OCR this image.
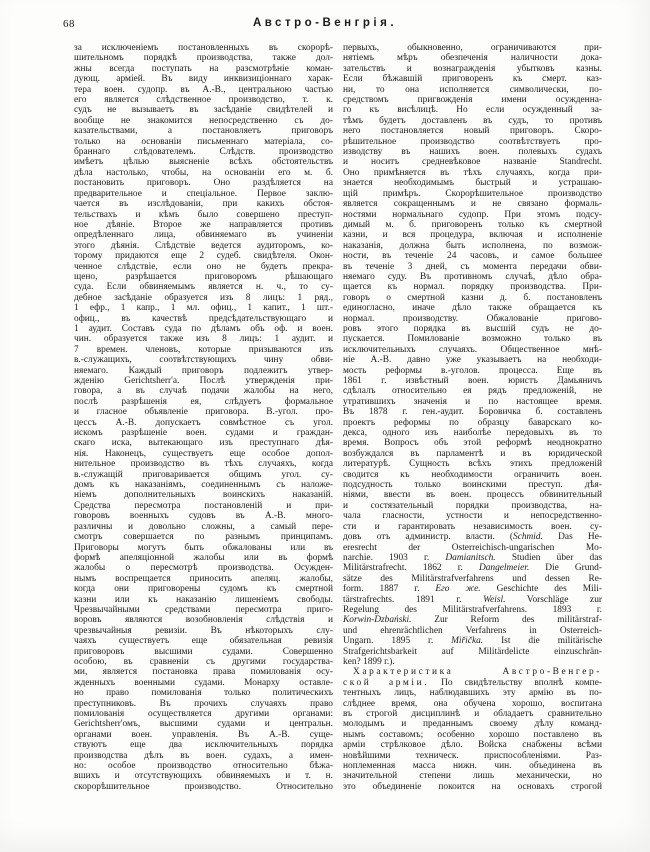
68	Австро-Венгрія.
за исключеніемъ постановленныхъ въ скорорѣ-
шительномъ порядкѣ производства, также дол-
жны всегда поступать на разсмотрѣніе коман-
дующ. арміей. Въ виду инквизиціоннаго харак-
тера воен. судопр. въ А.-В., центральною частью
его является слѣдственное производство, т. к.
судъ не вызываетъ въ засѣданіе свидѣтелей и
вообще не знакомится непосредственно съ до-
казательствами, а постановляетъ приговоръ
только на основаніи письменнаго матеріала, со-
браннаго слѣдователемъ. Слѣдств. производство
имѣетъ цѣлью выясненіе всѣхъ обстоятельствъ
дѣла настолько, чтобы, на основаніи его м. б.
постановить приговоръ. Оно раздѣляется на
предварительное и спеціальное. Первое заклю-
чается въ изслѣдованіи, при какихъ обстоя-
тельствахъ и кѣмъ было совершено преступ-
ное дѣяніе. Второе же направляется противъ
опредѣленнаго лица, обвиняемаго въ учиненіи
этого дѣянія. Слѣдствіе ведется аудиторомъ, ко-
торому придаются еще 2 судеб. свидѣтеля. Окон-
ченное слѣдствіе, если оно не будетъ прекра-
щено, разрѣшается приговоромъ рѣшающаго
суда. Если обвиняемымъ является н. ч., то су-
дебное засѣданіе образуется изъ 8 лицъ: 1 ряд.,
1 ефр., 1 капр., 1 мл. офиц., 1 капит., 1 шт.-
офиц., въ качествѣ предсѣдательствующаго и
1 аудит. Составъ суда по дѣламъ объ оф. и воен.
чин. образуется также изъ 8 лицъ: 1 аудит. и
7 времен. членовъ, которые призываются изъ
в.-служащихъ, соотвѣтствующихъ чину обви-
няемаго. Каждый приговоръ подлежитъ утвер-
жденію Gerichtsherr'а. Послѣ утвержденія при-
говора, а въ случаѣ подачи жалобы на него,
послѣ разрѣшенія ея, слѣдуетъ формальное
и гласное объявленіе приговора. В.-угол. про-
цессъ А.-В. допускаетъ совмѣстное съ угол.
искомъ разрѣшеніе воен. судами и граждан-
скаго иска, вытекающаго изъ преступнаго дѣя-
нія. Наконецъ, существуетъ еще особое допол-
нительное производство въ тѣхъ случаяхъ, когда
в.-служащій приговаривается общимъ угол. су-
домъ къ наказаніямъ, соединеннымъ съ наложе-
ніемъ дополнительныхъ воинскихъ наказаній.
Средства пересмотра постановленій и при-
говоровъ военныхъ судовъ въ А.-В. много-
различны и довольно сложны, а самый пере-
смотръ совершается по разнымъ принципамъ.
Приговоры могутъ быть обжалованы или въ
формѣ апеляціонной жалобы или въ формѣ
жалобы о пересмотрѣ производства. Осужден-
нымъ воспрещается приносить апеляц. жалобы,
когда они приговорены судомъ къ смертной
казни или къ наказанію лишеніемъ свободы.
Чрезвычайными средствами пересмотра приго-
воровъ являются возобновленія слѣдствія и
чрезвычайныя ревизіи. Въ нѣкоторыхъ слу-
чаяхъ существуетъ еще обязательная ревизія
приговоровъ высшими судами. Совершенно
особою, въ сравненіи съ другими государства-
ми, является постановка права помилованія осу-
жденныхъ военными судами. Монарху оставле-
но право помилованія только политическихъ
преступниковъ. Въ прочихъ случаяхъ право
помилованія осуществляется другими органами:
Gerichtsherr'омъ, высшими судами и центральн.
органами воен. управленія. Въ А.-В. суще-
ствуютъ еще два исключительныхъ порядка
производства дѣлъ въ воен. судахъ, а имен-
но: особое производство относительно бѣжа-
вшихъ и отсутствующихъ обвиняемыхъ и т. н.
скорорѣшительное производство. Относительно
первыхъ, обыкновенно, ограничиваются при-
нятіемъ мѣръ обезпеченія наличности дока-
зательствъ и вознагражденія убытковъ казны.
Если бѣжавшій приговоренъ къ смерт. каз-
ни, то она исполняется символически, по-
средствомъ пригвожденія имени осужденна-
го къ висѣлицѣ. Но если осужденный за-
тѣмъ будетъ доставленъ въ судъ, то противъ
него постановляется новый приговоръ. Скоро-
рѣшительное производство соотвѣтствуетъ про-
изводству въ нашихъ воен. полевыхъ судахъ
и носитъ средневѣковое названіе Standrecht.
Оно примѣняется въ тѣхъ случаяхъ, когда при-
знается необходимымъ быстрый и устрашаю-
щій примѣръ. Скорорѣшительное производство
является сокращеннымъ и не связано формаль-
ностями нормальнаго судопр. При этомъ подсу-
димый м. б. приговоренъ только къ смертной
казни, и вся процедура, включая и исполненіе
наказанія, должна быть исполнена, по возмож-
ности, въ теченіе 24 часовъ, и самое большее
въ теченіе 3 дней, съ момента передачи обви-
няемаго суду. Въ противномъ случаѣ, дѣло обра-
щается къ нормал. порядку производства. При-
говоръ о смертной казни д. б. постановленъ
единогласно, иначе дѣло также обращается къ
нормал. производству. Обжалованіе пригово-
ровъ этого порядка въ высшій судъ не до-
пускается. Помилованіе возможно только въ
исключительныхъ случаяхъ. Общественное мнѣ-
ніе А.-В. давно уже указываетъ на необходи-
мость реформы в.-уголов. процесса. Еще въ
1861 г. извѣстный воен. юристъ Дамьяничъ
сдѣлалъ относительно ея рядъ предложеній, не
утратившихъ значенія и по настоящее время.
Въ 1878 г. ген.-аудит. Боровичка б. составленъ
проектъ реформы по образцу баварскаго ко-
декса, одного изъ наиболѣе передовыхъ въ то
время. Вопросъ объ этой реформѣ неоднократно
возбуждался въ парламентѣ и въ юридической
литературѣ. Сущность всѣхъ этихъ предложеній
сводится къ необходимости ограничить воен.
подсудность только воинскими преступ. дѣя-
ніями, ввести въ воен. процессъ обвинительный
и состязательный порядки производства, на-
чала гласности, устности и непосредственно-
сти и гарантировать независимость воен. су-
довъ отъ администр. власти. (Schmid. Das He-
eresrecht der Österreichisch-ungarischen Mo-
narchie. 1903 г. Damianitsch. Studien über das
Militärstrafrecht. 1862 г. Dangelmeier. Die Grund-
sätze des Militärstrafverfahrens und dessen Re-
form. 1887 г. Его же. Geschichte des Mili-
tärstrafrechts. 1891 г. Weisl. Vorschläge zur
Regelung des Militärstrafverfahrens. 1893 г.
Korwin-Dzbański. Zur Reform des militärstraf-
und ehrenrächtlichen Verfahrens in Österreich-
Ungarn. 1895 г. Miřička. Ist die militärische
Strafgerichtsbarkeit auf Militärdelicte einzuschrän-
ken? 1899 г.).
Характеристика Австро-Венгер-
ской арміи. По свидѣтельству вполнѣ компе-
тентныхъ лицъ, наблюдавшихъ эту армію въ по-
слѣднее время, она обучена хорошо, воспитана
въ строгой дисциплинѣ и обладаетъ сравнительно
молодымъ и преданнымъ своему дѣлу команд-
нымъ составомъ; особенно хорошо поставлено въ
арміи стрѣлковое дѣло. Войска снабжены всѣми
новѣйшими техническ. приспособленіями. Раз-
ноплеменная масса нижн. чин. объединена въ
значительной степени лишь механически, но
это объединеніе покоится на основахъ строгой
